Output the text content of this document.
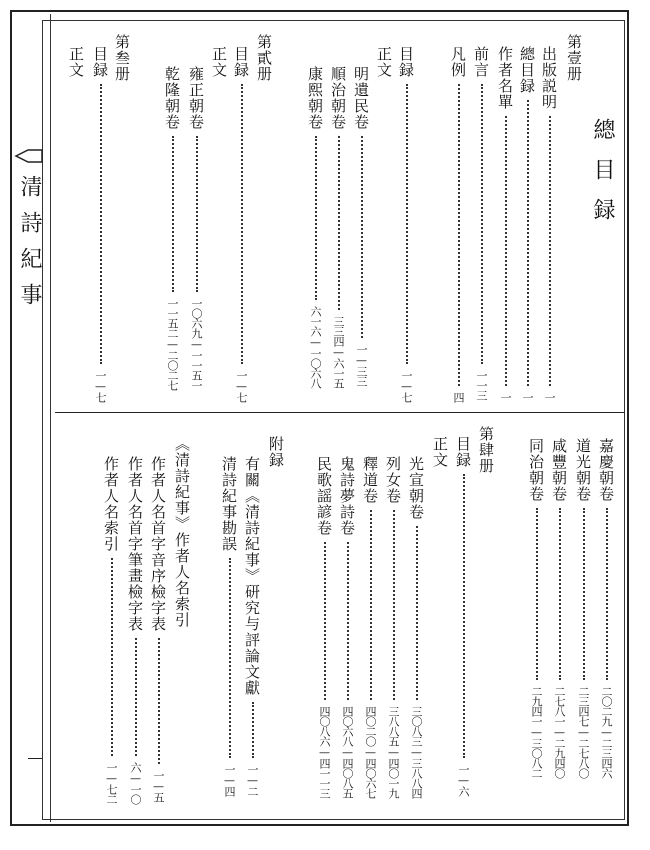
清詩紀事	總目録
第壹册
出版説明
一
總目録
一
作者名單
一
前言
一一三
凡例
四
目録
一—七
正文
明遺民卷
一—三三
順治朝卷
三三四—六一五
康熙朝卷
六一六—一〇六八
第貳册
目録
一—七
正文
雍正朝卷
一〇六九—一一五一
乾隆朝卷
一一五二—二〇二七
第叁册
目録
一—七
正文
嘉慶朝卷
二〇二九—二三四六
道光朝卷
二三四七—二七八〇
咸豐朝卷
二七八一—二九四〇
同治朝卷
二九四一—三〇八二
第肆册
目録
一—六
正文
光宣朝卷
三〇八三—三八八四
列女卷
三八八五—四〇一九
釋道卷
四〇二〇—四〇六七
鬼詩夢詩卷
四〇六八—四〇八五
民歌謡諺卷
四〇八六—四一一三
附録
有關《清詩紀事》研究与評論文獻
一—二
清詩紀事勘誤
一—四
《清詩紀事》作者人名索引
作者人名首字音序檢字表
一—五
作者人名首字筆畫檢字表
六—一〇
作者人名索引
一—七二
